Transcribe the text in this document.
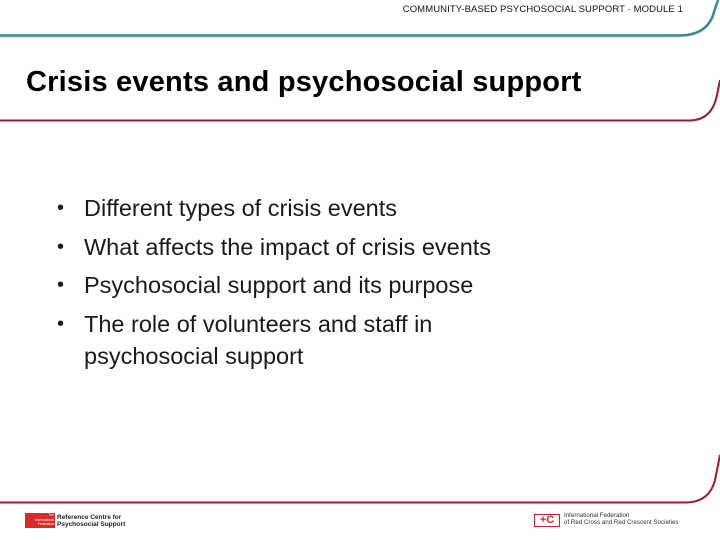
COMMUNITY-BASED PSYCHOSOCIAL SUPPORT · MODULE 1
Crisis events and psychosocial support
• Different types of crisis events
• What affects the impact of crisis events
• Psychosocial support and its purpose
• The role of volunteers and staff in psychosocial support
The
International
Federation
Reference Centre for
Psychosocial Support	+C	International Federation
of Red Cross and Red Crescent Societies
